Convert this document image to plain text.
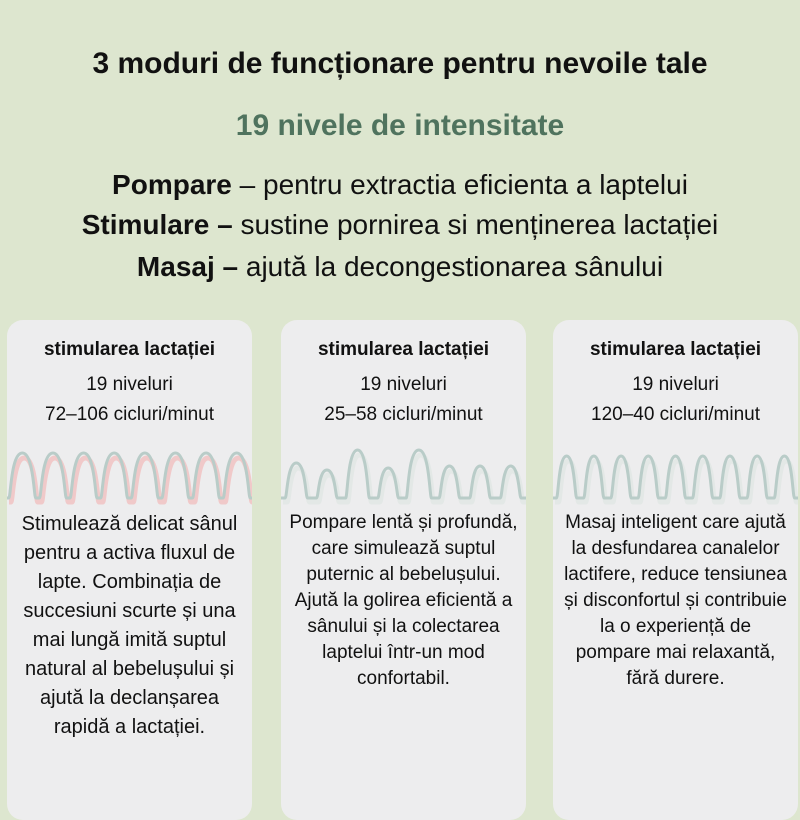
3 moduri de funcționare pentru nevoile tale
19 nivele de intensitate
Pompare – pentru extractia eficienta a laptelui
Stimulare – sustine pornirea si menținerea lactației
Masaj – ajută la decongestionarea sânului
stimularea lactației
19 niveluri
72–106 cicluri/minut
Stimulează delicat sânul pentru a activa fluxul de lapte. Combinația de succesiuni scurte și una mai lungă imită suptul natural al bebelușului și ajută la declanșarea rapidă a lactației.
stimularea lactației
19 niveluri
25–58 cicluri/minut
Pompare lentă și profundă, care simulează suptul puternic al bebelușului. Ajută la golirea eficientă a sânului și la colectarea laptelui într-un mod confortabil.
stimularea lactației
19 niveluri
120–40 cicluri/minut
Masaj inteligent care ajută la desfundarea canalelor lactifere, reduce tensiunea și disconfortul și contribuie la o experiență de pompare mai relaxantă, fără durere.
